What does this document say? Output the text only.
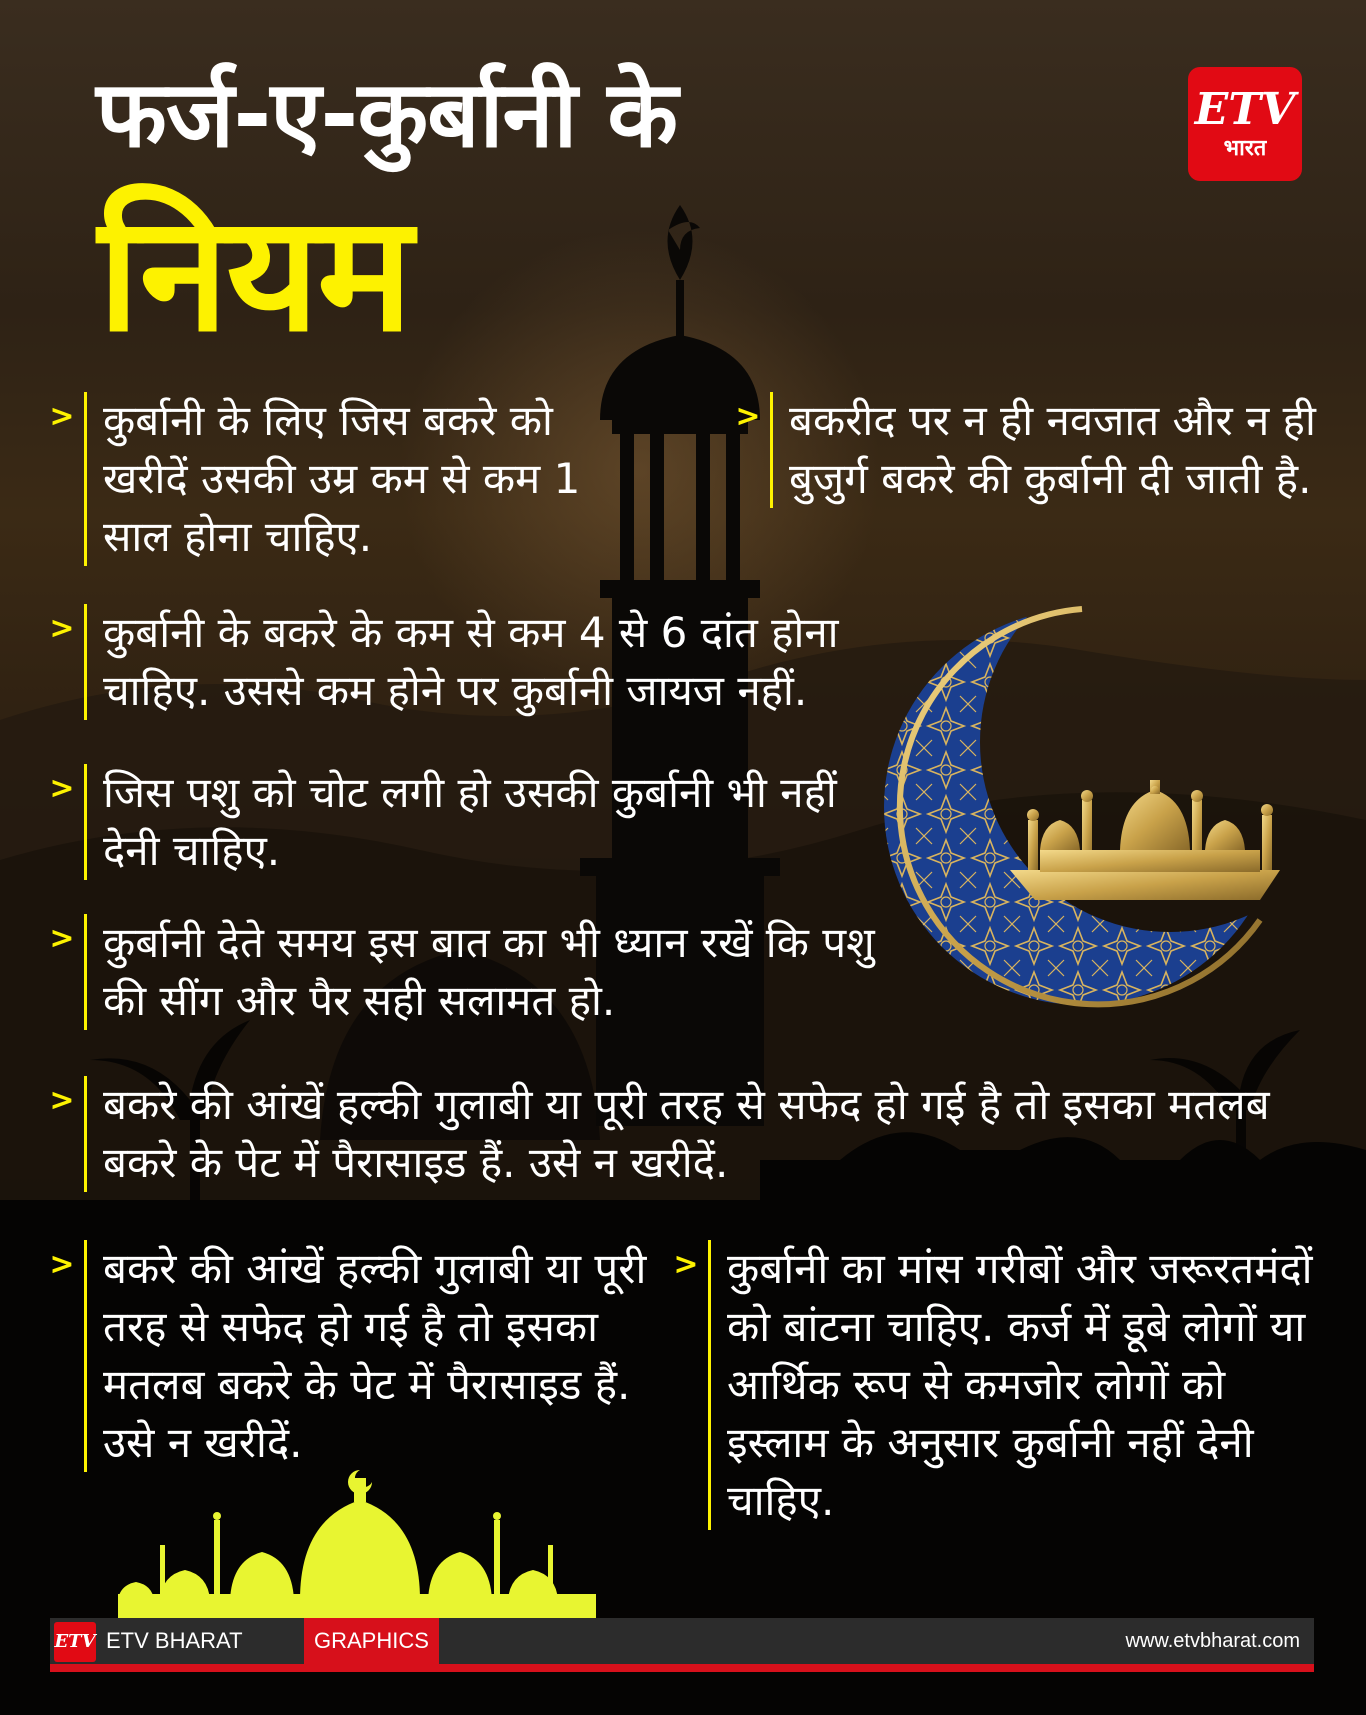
फर्ज-ए-कुर्बानी के
नियम
ETV
भारत
> कुर्बानी के लिए जिस बकरे को खरीदें उसकी उम्र कम से कम 1 साल होना चाहिए.
> बकरीद पर न ही नवजात और न ही बुजुर्ग बकरे की कुर्बानी दी जाती है.
> कुर्बानी के बकरे के कम से कम 4 से 6 दांत होना चाहिए. उससे कम होने पर कुर्बानी जायज नहीं.
> जिस पशु को चोट लगी हो उसकी कुर्बानी भी नहीं देनी चाहिए.
> कुर्बानी देते समय इस बात का भी ध्यान रखें कि पशु की सींग और पैर सही सलामत हो.
> बकरे की आंखें हल्की गुलाबी या पूरी तरह से सफेद हो गई है तो इसका मतलब बकरे के पेट में पैरासाइड हैं. उसे न खरीदें.
> बकरे की आंखें हल्की गुलाबी या पूरी तरह से सफेद हो गई है तो इसका मतलब बकरे के पेट में पैरासाइड हैं. उसे न खरीदें.
> कुर्बानी का मांस गरीबों और जरूरतमंदों को बांटना चाहिए. कर्ज में डूबे लोगों या आर्थिक रूप से कमजोर लोगों को इस्लाम के अनुसार कुर्बानी नहीं देनी चाहिए.
ETV ETV BHARAT	GRAPHICS	www.etvbharat.com
